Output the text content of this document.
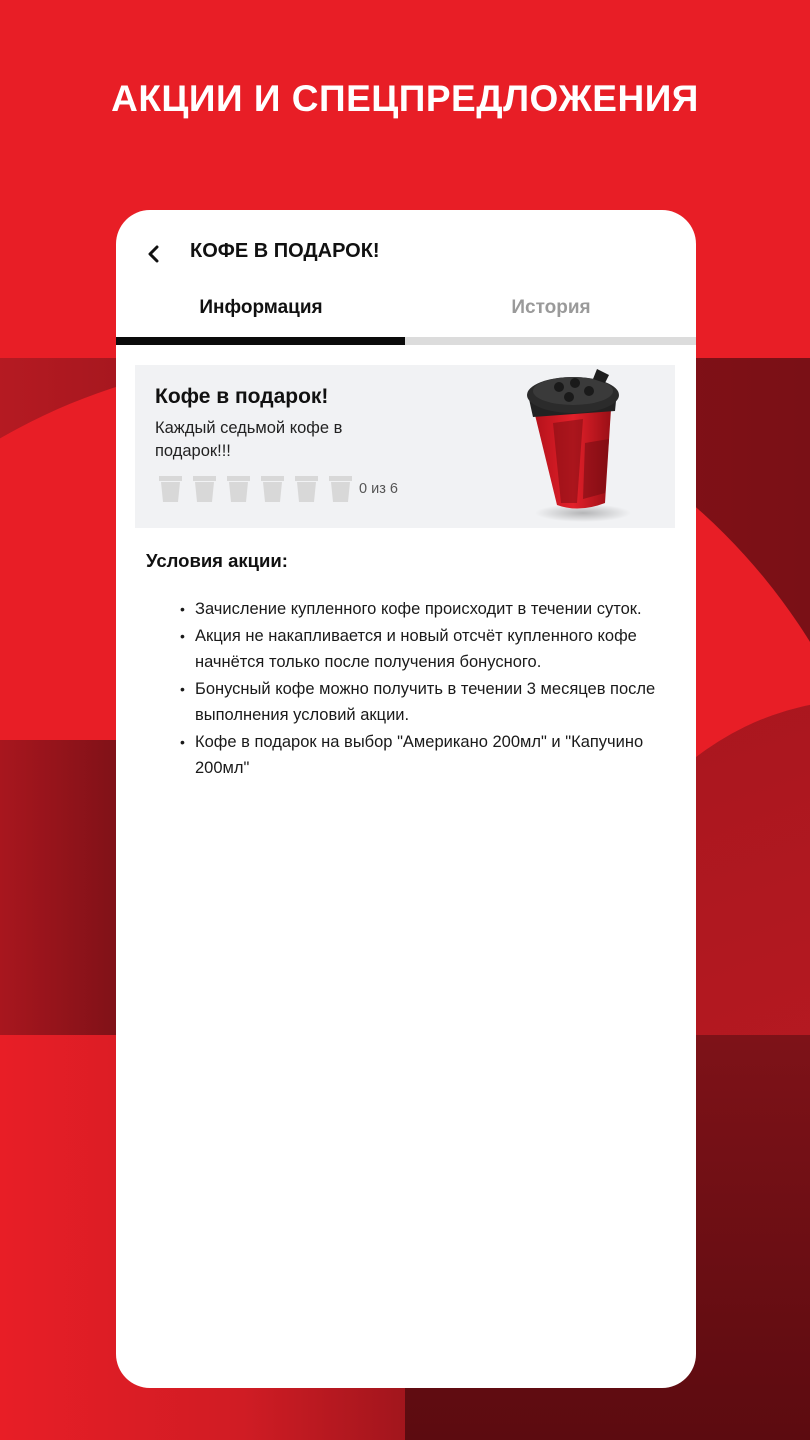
АКЦИИ И СПЕЦПРЕДЛОЖЕНИЯ
КОФЕ В ПОДАРОК!
Информация	История
Кофе в подарок!
Каждый седьмой кофе в подарок!!!
0 из 6
Условия акции:
• Зачисление купленного кофе происходит в течении суток.
• Акция не накапливается и новый отсчёт купленного кофе начнётся только после получения бонусного.
• Бонусный кофе можно получить в течении 3 месяцев после выполнения условий акции.
• Кофе в подарок на выбор "Американо 200мл" и "Капучино 200мл"
